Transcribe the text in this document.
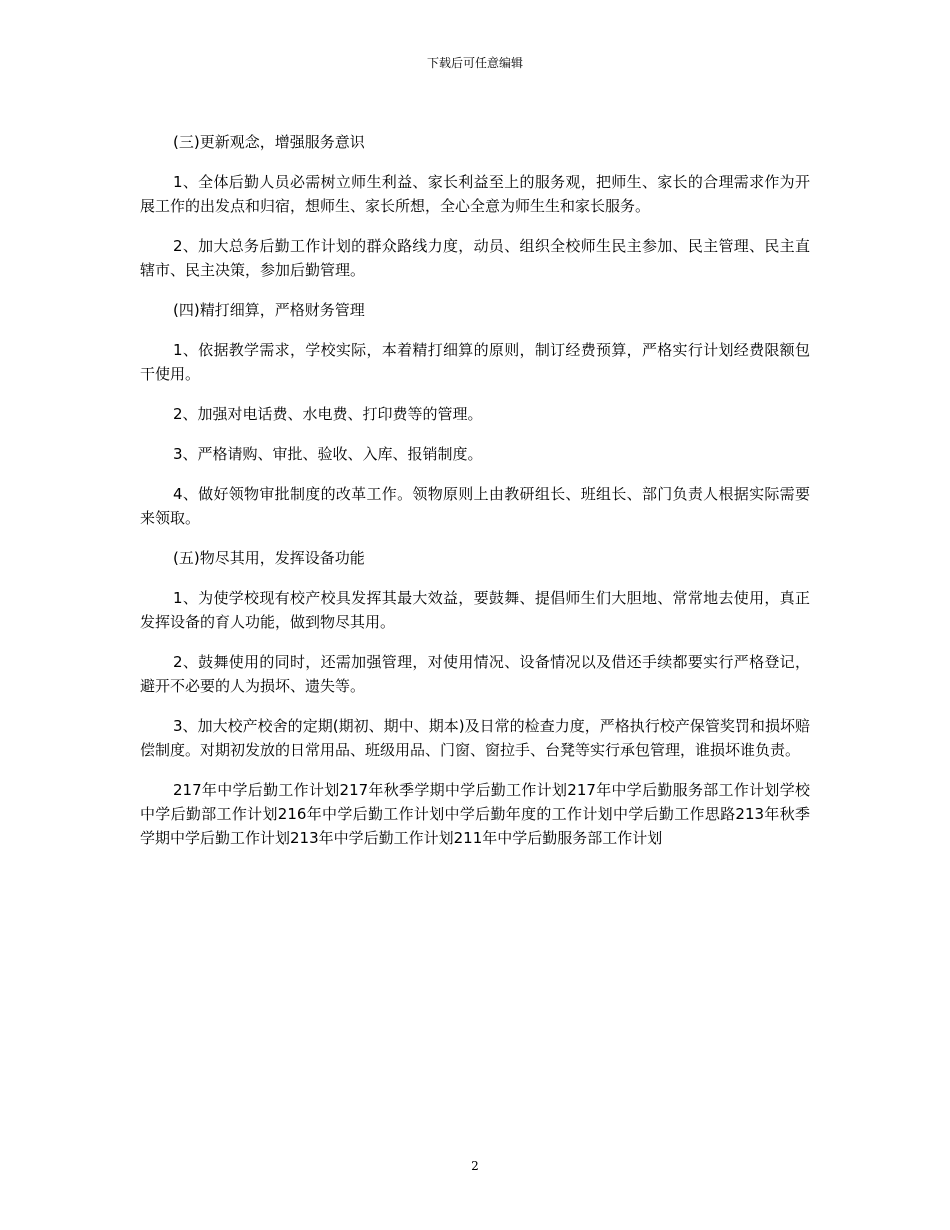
下载后可任意编辑

(三)更新观念，增强服务意识

1、全体后勤人员必需树立师生利益、家长利益至上的服务观，把师生、家长的合理需求作为开展工作的出发点和归宿，想师生、家长所想，全心全意为师生生和家长服务。

2、加大总务后勤工作计划的群众路线力度，动员、组织全校师生民主参加、民主管理、民主直辖市、民主决策，参加后勤管理。

(四)精打细算，严格财务管理

1、依据教学需求，学校实际，本着精打细算的原则，制订经费预算，严格实行计划经费限额包干使用。

2、加强对电话费、水电费、打印费等的管理。

3、严格请购、审批、验收、入库、报销制度。

4、做好领物审批制度的改革工作。领物原则上由教研组长、班组长、部门负责人根据实际需要来领取。

(五)物尽其用，发挥设备功能

1、为使学校现有校产校具发挥其最大效益，要鼓舞、提倡师生们大胆地、常常地去使用，真正发挥设备的育人功能，做到物尽其用。

2、鼓舞使用的同时，还需加强管理，对使用情况、设备情况以及借还手续都要实行严格登记，避开不必要的人为损坏、遗失等。

3、加大校产校舍的定期(期初、期中、期本)及日常的检查力度，严格执行校产保管奖罚和损坏赔偿制度。对期初发放的日常用品、班级用品、门窗、窗拉手、台凳等实行承包管理，谁损坏谁负责。

217年中学后勤工作计划217年秋季学期中学后勤工作计划217年中学后勤服务部工作计划学校中学后勤部工作计划216年中学后勤工作计划中学后勤年度的工作计划中学后勤工作思路213年秋季学期中学后勤工作计划213年中学后勤工作计划211年中学后勤服务部工作计划

2
